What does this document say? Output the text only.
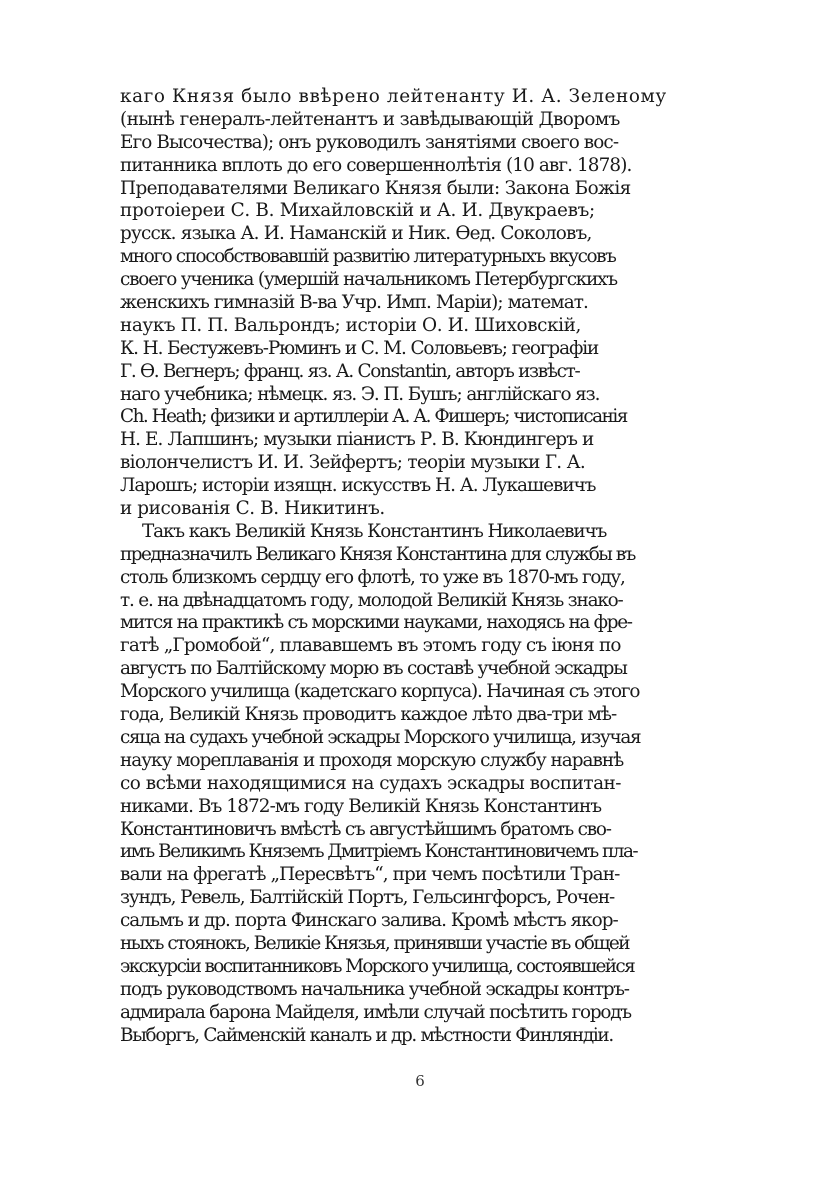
каго Князя было ввѣрено лейтенанту И. А. Зеленому
(нынѣ генералъ-лейтенантъ и завѣдывающій Дворомъ
Его Высочества); онъ руководилъ занятіями своего вос-
питанника вплоть до его совершеннолѣтія (10 авг. 1878).
Преподавателями Великаго Князя были: Закона Божія
протоіереи С. В. Михайловскій и А. И. Двукраевъ;
русск. языка А. И. Наманскій и Ник. Ѳед. Соколовъ,
много способствовавшій развитію литературныхъ вкусовъ
своего ученика (умершій начальникомъ Петербургскихъ
женскихъ гимназій В-ва Учр. Имп. Маріи); математ.
наукъ П. П. Вальрондъ; исторіи О. И. Шиховскій,
К. Н. Бестужевъ-Рюминъ и С. М. Соловьевъ; географіи
Г. Ѳ. Вегнеръ; франц. яз. А. Constantin, авторъ извѣст-
наго учебника; нѣмецк. яз. Э. П. Бушъ; англійскаго яз.
Ch. Heath; физики и артиллеріи А. А. Фишеръ; чистописанія
Н. Е. Лапшинъ; музыки піанистъ Р. В. Кюндингеръ и
віолончелистъ И. И. Зейфертъ; теоріи музыки Г. А.
Ларошъ; исторіи изящн. искусствъ Н. А. Лукашевичъ
и рисованія С. В. Никитинъ.
Такъ какъ Великій Князь Константинъ Николаевичъ
предназначилъ Великаго Князя Константина для службы въ
столь близкомъ сердцу его флотѣ, то уже въ 1870-мъ году,
т. е. на двѣнадцатомъ году, молодой Великій Князь знако-
мится на практикѣ съ морскими науками, находясь на фре-
гатѣ „Громобой“, плававшемъ въ этомъ году съ іюня по
августъ по Балтійскому морю въ составѣ учебной эскадры
Морского училища (кадетскаго корпуса). Начиная съ этого
года, Великій Князь проводитъ каждое лѣто два-три мѣ-
сяца на судахъ учебной эскадры Морского училища, изучая
науку мореплаванія и проходя морскую службу наравнѣ
со всѣми находящимися на судахъ эскадры воспитан-
никами. Въ 1872-мъ году Великій Князь Константинъ
Константиновичъ вмѣстѣ съ августѣйшимъ братомъ сво-
имъ Великимъ Княземъ Дмитріемъ Константиновичемъ пла-
вали на фрегатѣ „Пересвѣтъ“, при чемъ посѣтили Тран-
зундъ, Ревель, Балтійскій Портъ, Гельсингфорсъ, Рочен-
сальмъ и др. порта Финскаго залива. Кромѣ мѣстъ якор-
ныхъ стоянокъ, Великіе Князья, принявши участіе въ общей
экскурсіи воспитанниковъ Морского училища, состоявшейся
подъ руководствомъ начальника учебной эскадры контръ-
адмирала барона Майделя, имѣли случай посѣтить городъ
Выборгъ, Сайменскій каналъ и др. мѣстности Финляндіи.
6
